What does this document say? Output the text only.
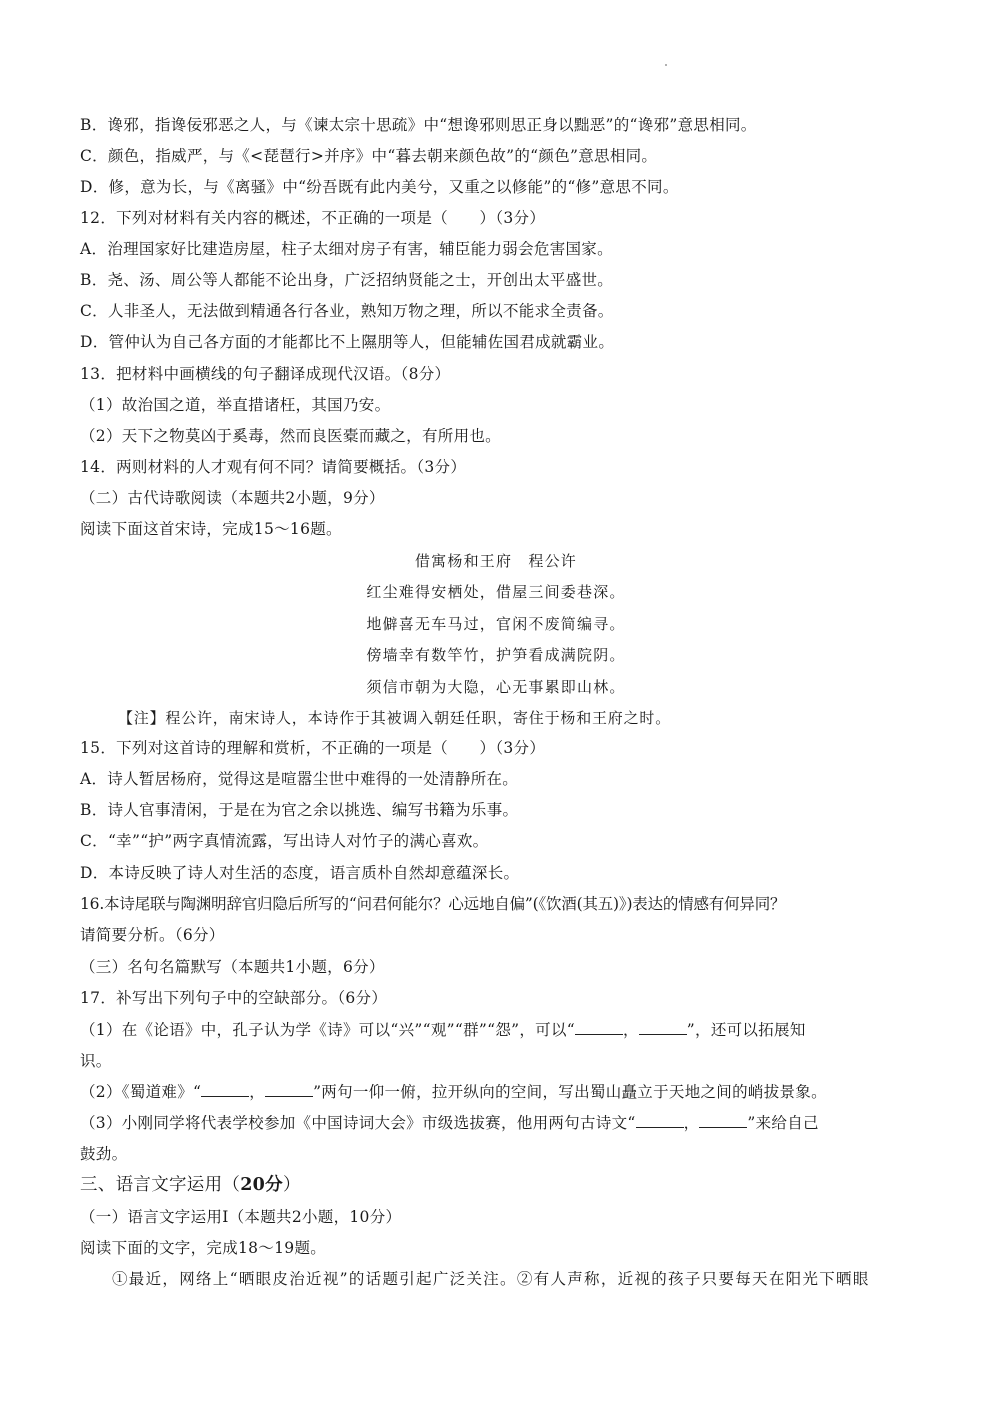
B．谗邪，指谗佞邪恶之人，与《谏太宗十思疏》中“想谗邪则思正身以黜恶”的“谗邪”意思相同。
C．颜色，指威严，与《<琵琶行>并序》中“暮去朝来颜色故”的“颜色”意思相同。
D．修，意为长，与《离骚》中“纷吾既有此内美兮，又重之以修能”的“修”意思不同。
12．下列对材料有关内容的概述，不正确的一项是（　　）（3分）
A．治理国家好比建造房屋，柱子太细对房子有害，辅臣能力弱会危害国家。
B．尧、汤、周公等人都能不论出身，广泛招纳贤能之士，开创出太平盛世。
C．人非圣人，无法做到精通各行各业，熟知万物之理，所以不能求全责备。
D．管仲认为自己各方面的才能都比不上隰朋等人，但能辅佐国君成就霸业。
13．把材料中画横线的句子翻译成现代汉语。（8分）
（1）故治国之道，举直措诸枉，其国乃安。
（2）天下之物莫凶于奚毒，然而良医橐而藏之，有所用也。
14．两则材料的人才观有何不同？请简要概括。（3分）
（二）古代诗歌阅读（本题共2小题，9分）
阅读下面这首宋诗，完成15～16题。
借寓杨和王府　程公许
红尘难得安栖处，借屋三间委巷深。
地僻喜无车马过，官闲不废简编寻。
傍墙幸有数竿竹，护笋看成满院阴。
须信市朝为大隐，心无事累即山林。
【注】程公许，南宋诗人，本诗作于其被调入朝廷任职，寄住于杨和王府之时。
15．下列对这首诗的理解和赏析，不正确的一项是（　　）（3分）
A．诗人暂居杨府，觉得这是喧嚣尘世中难得的一处清静所在。
B．诗人官事清闲，于是在为官之余以挑选、编写书籍为乐事。
C．“幸”“护”两字真情流露，写出诗人对竹子的满心喜欢。
D．本诗反映了诗人对生活的态度，语言质朴自然却意蕴深长。
16.本诗尾联与陶渊明辞官归隐后所写的“问君何能尔？心远地自偏”(《饮酒(其五)》)表达的情感有何异同？
请简要分析。（6分）
（三）名句名篇默写（本题共1小题，6分）
17．补写出下列句子中的空缺部分。（6分）
（1）在《论语》中，孔子认为学《诗》可以“兴”“观”“群”“怨”，可以“	，	”，还可以拓展知
识。
（2）《蜀道难》“	，	”两句一仰一俯，拉开纵向的空间，写出蜀山矗立于天地之间的峭拔景象。
（3）小刚同学将代表学校参加《中国诗词大会》市级选拔赛，他用两句古诗文“	，	”来给自己
鼓劲。
三、语言文字运用（20分）
（一）语言文字运用Ⅰ（本题共2小题，10分）
阅读下面的文字，完成18～19题。
①最近，网络上“晒眼皮治近视”的话题引起广泛关注。②有人声称，近视的孩子只要每天在阳光下晒眼
